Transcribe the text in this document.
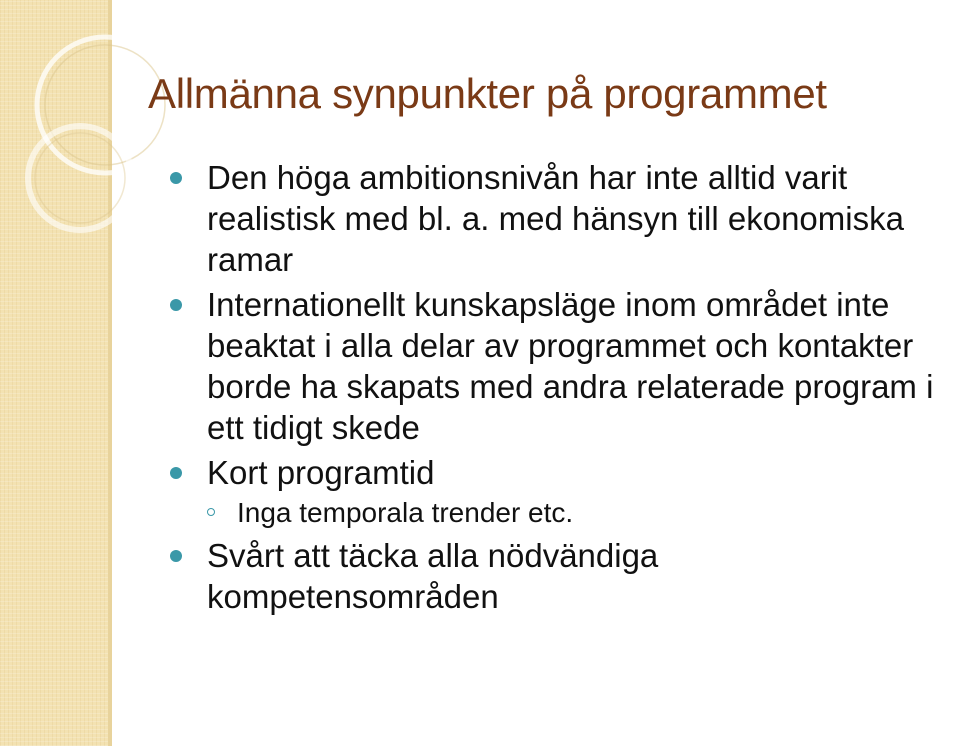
Allmänna synpunkter på programmet

Den höga ambitionsnivån har inte alltid varit realistisk med bl. a. med hänsyn till ekonomiska ramar

Internationellt kunskapsläge inom området inte beaktat i alla delar av programmet och kontakter borde ha skapats med andra relaterade program i ett tidigt skede

Kort programtid

Inga temporala trender etc.

Svårt att täcka alla nödvändiga kompetensområden
